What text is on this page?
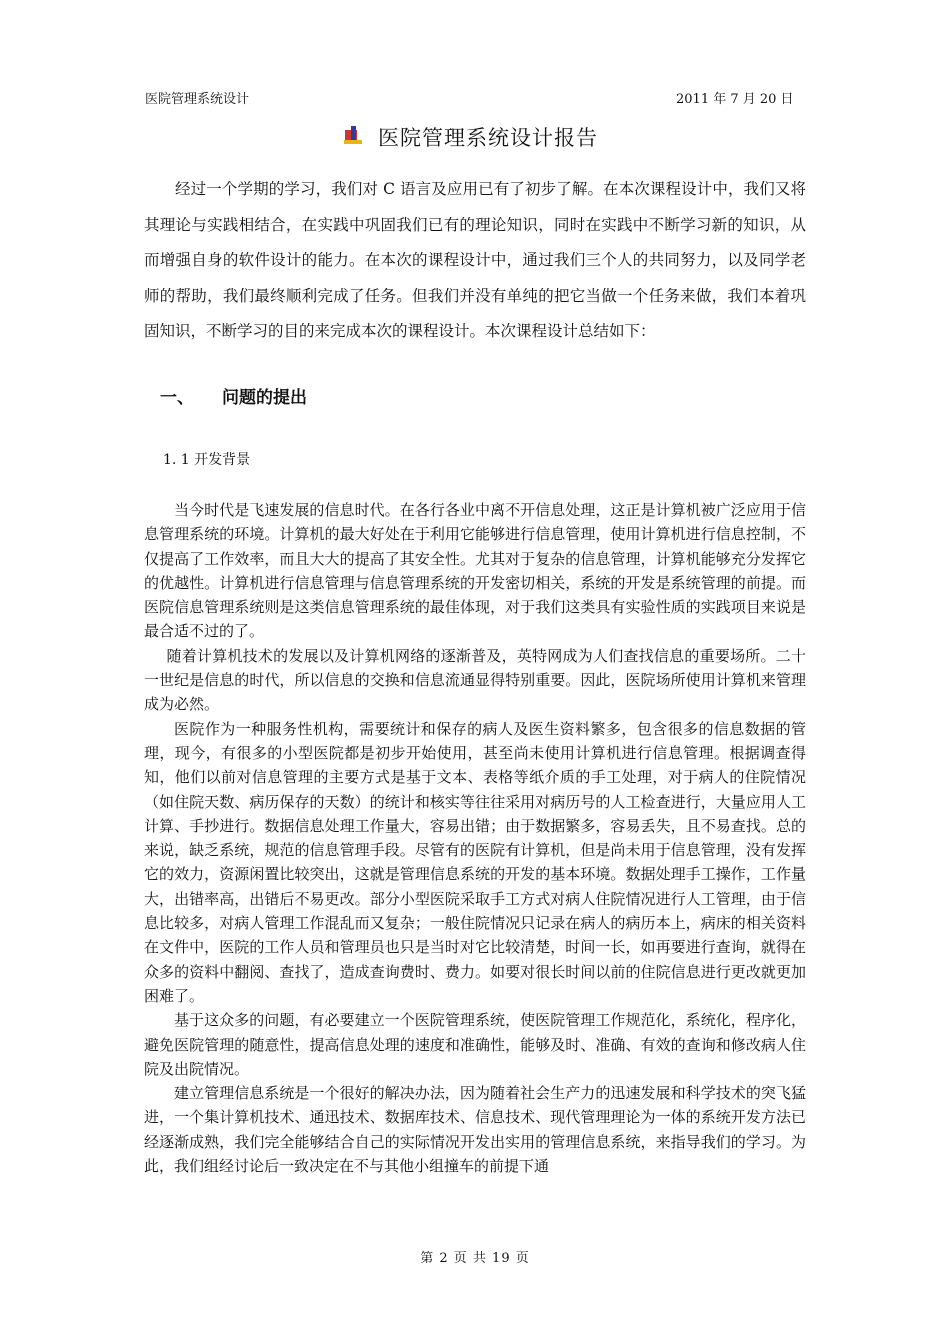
医院管理系统设计	2011 年 7 月 20 日
医院管理系统设计报告

经过一个学期的学习，我们对 C 语言及应用已有了初步了解。在本次课程设计中，我们又将其理论与实践相结合，在实践中巩固我们已有的理论知识，同时在实践中不断学习新的知识，从而增强自身的软件设计的能力。在本次的课程设计中，通过我们三个人的共同努力，以及同学老师的帮助，我们最终顺利完成了任务。但我们并没有单纯的把它当做一个任务来做，我们本着巩固知识，不断学习的目的来完成本次的课程设计。本次课程设计总结如下：

一、 问题的提出
1. 1 开发背景

当今时代是飞速发展的信息时代。在各行各业中离不开信息处理，这正是计算机被广泛应用于信息管理系统的环境。计算机的最大好处在于利用它能够进行信息管理，使用计算机进行信息控制，不仅提高了工作效率，而且大大的提高了其安全性。尤其对于复杂的信息管理，计算机能够充分发挥它的优越性。计算机进行信息管理与信息管理系统的开发密切相关，系统的开发是系统管理的前提。而医院信息管理系统则是这类信息管理系统的最佳体现，对于我们这类具有实验性质的实践项目来说是最合适不过的了。

随着计算机技术的发展以及计算机网络的逐渐普及，英特网成为人们查找信息的重要场所。二十一世纪是信息的时代，所以信息的交换和信息流通显得特别重要。因此，医院场所使用计算机来管理成为必然。

医院作为一种服务性机构，需要统计和保存的病人及医生资料繁多，包含很多的信息数据的管理，现今，有很多的小型医院都是初步开始使用，甚至尚未使用计算机进行信息管理。根据调查得知，他们以前对信息管理的主要方式是基于文本、表格等纸介质的手工处理，对于病人的住院情况（如住院天数、病历保存的天数）的统计和核实等往往采用对病历号的人工检查进行，大量应用人工计算、手抄进行。数据信息处理工作量大，容易出错；由于数据繁多，容易丢失，且不易查找。总的来说，缺乏系统，规范的信息管理手段。尽管有的医院有计算机，但是尚未用于信息管理，没有发挥它的效力，资源闲置比较突出，这就是管理信息系统的开发的基本环境。数据处理手工操作，工作量大，出错率高，出错后不易更改。部分小型医院采取手工方式对病人住院情况进行人工管理，由于信息比较多，对病人管理工作混乱而又复杂；一般住院情况只记录在病人的病历本上，病床的相关资料在文件中，医院的工作人员和管理员也只是当时对它比较清楚，时间一长，如再要进行查询，就得在众多的资料中翻阅、查找了，造成查询费时、费力。如要对很长时间以前的住院信息进行更改就更加困难了。

基于这众多的问题，有必要建立一个医院管理系统，使医院管理工作规范化，系统化，程序化，避免医院管理的随意性，提高信息处理的速度和准确性，能够及时、准确、有效的查询和修改病人住院及出院情况。

建立管理信息系统是一个很好的解决办法，因为随着社会生产力的迅速发展和科学技术的突飞猛进，一个集计算机技术、通迅技术、数据库技术、信息技术、现代管理理论为一体的系统开发方法已经逐渐成熟，我们完全能够结合自己的实际情况开发出实用的管理信息系统，来指导我们的学习。为此，我们组经讨论后一致决定在不与其他小组撞车的前提下通

第 2 页 共 19 页
